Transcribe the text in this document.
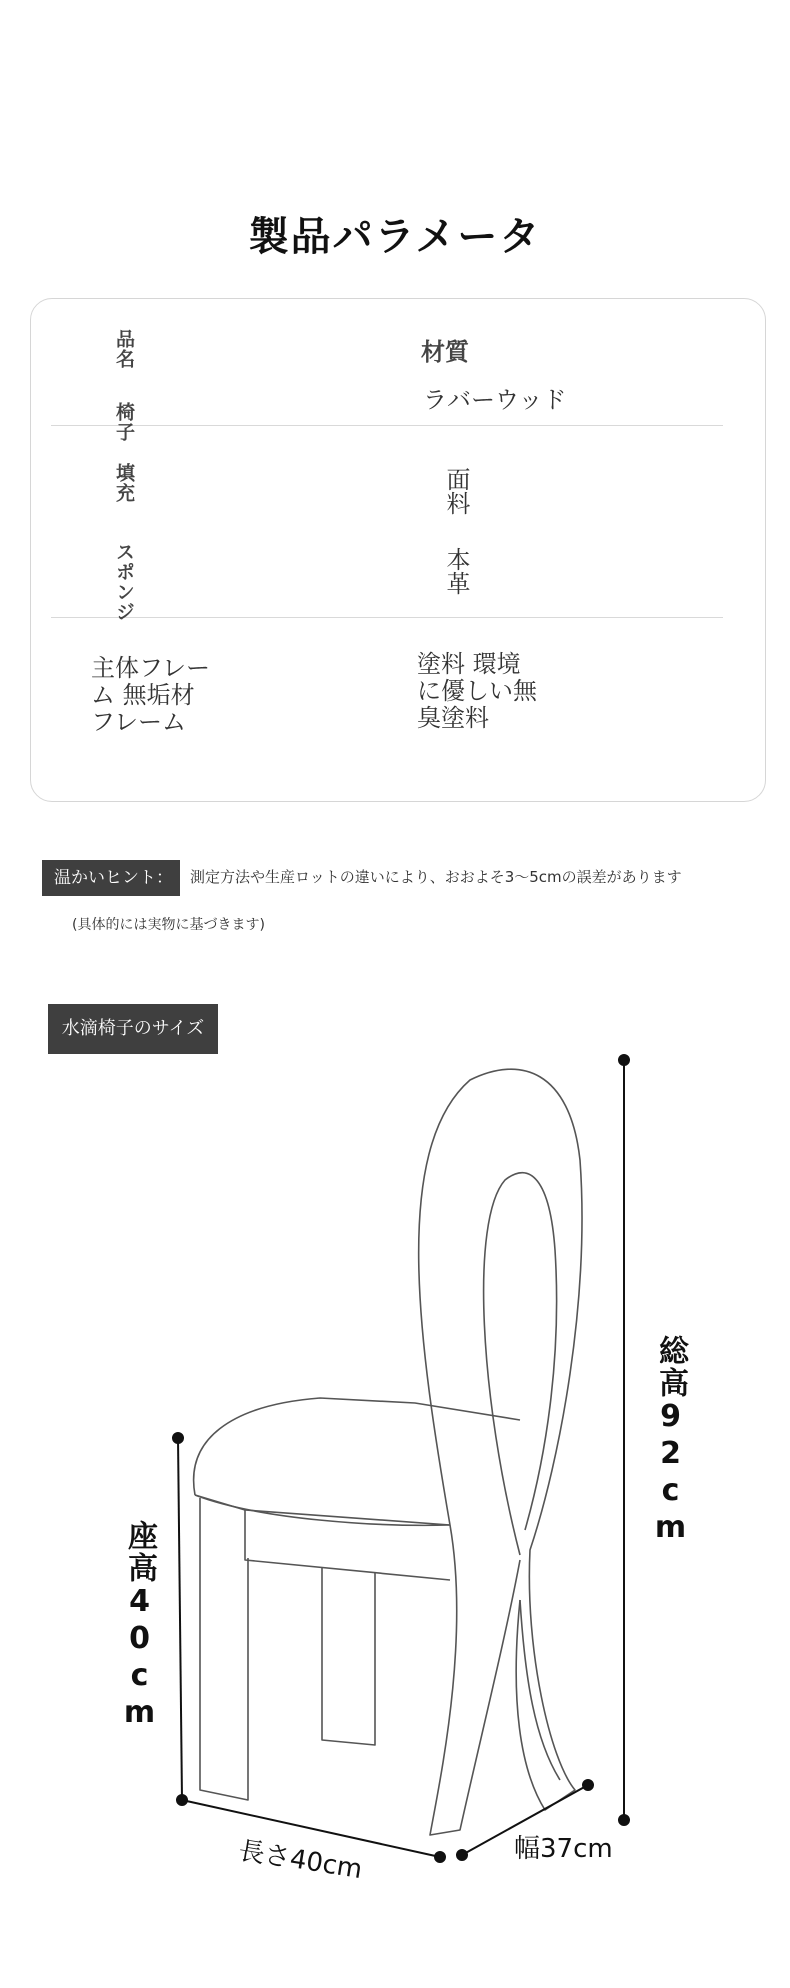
製品パラメータ
品名
椅子
材質
ラバーウッド
填充
スポンジ
面料
本革
主体フレーム 無垢材フレーム
塗料 環境に優しい無臭塗料
温かいヒント：	測定方法や生産ロットの違いにより、おおよそ3〜5cmの誤差があります
(具体的には実物に基づきます)
水滴椅子のサイズ
総高92cm
座高40cm
長さ40cm	幅37cm
